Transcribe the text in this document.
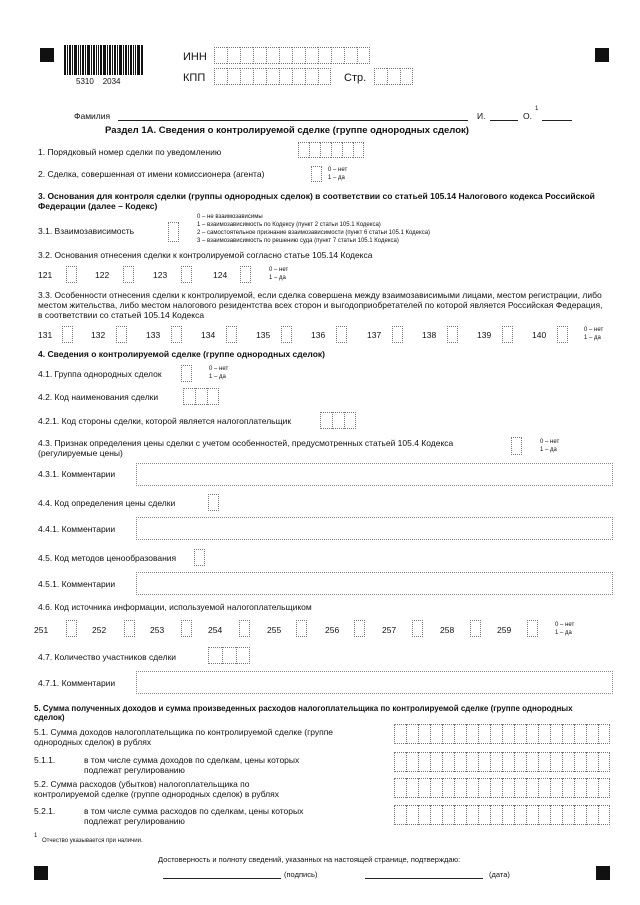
5310    2034
ИНН
КПП	Стр.
Фамилия	И.	О.
1
Раздел 1А. Сведения о контролируемой сделке (группе однородных сделок)
1. Порядковый номер сделки по уведомлению
2. Сделка, совершенная от имени комиссионера (агента)	0 – нет
1 – да
3. Основания для контроля сделки (группы однородных сделок) в соответствии со статьей 105.14 Налогового кодекса Российской Федерации (далее – Кодекс)
3.1. Взаимозависимость
0 – не взаимозависимы
1 – взаимозависимость по Кодексу (пункт 2 статьи 105.1 Кодекса)
2 – самостоятельное признание взаимозависимости (пункт 6 статьи 105.1 Кодекса)
3 – взаимозависимость по решению суда (пункт 7 статьи 105.1 Кодекса)
3.2. Основания отнесения сделки к контролируемой согласно статье 105.14 Кодекса
121	122	123	124	0 – нет
1 – да
3.3. Особенности отнесения сделки к контролируемой, если сделка совершена между взаимозависимыми лицами, местом регистрации, либо местом жительства, либо местом налогового резидентства всех сторон и выгодоприобретателей по которой является Российская Федерация, в соответствии со статьей 105.14 Кодекса
131	132	133	134	135	136	137	138	139	140	0 – нет
1 – да
4. Сведения о контролируемой сделке (группе однородных сделок)
4.1. Группа однородных сделок	0 – нет
1 – да
4.2. Код наименования сделки
4.2.1. Код стороны сделки, которой является налогоплательщик
4.3. Признак определения цены сделки с учетом особенностей, предусмотренных статьей 105.4 Кодекса (регулируемые цены)
0 – нет
1 – да
4.3.1. Комментарии
4.4. Код определения цены сделки
4.4.1. Комментарии
4.5. Код методов ценообразования
4.5.1. Комментарии
4.6. Код источника информации, используемой налогоплательщиком
251	252	253	254	255	256	257	258	259	0 – нет
1 – да
4.7. Количество участников сделки
4.7.1. Комментарии
5. Сумма полученных доходов и сумма произведенных расходов налогоплательщика по контролируемой сделке (группе однородных сделок)
5.1. Сумма доходов налогоплательщика по контролируемой сделке (группе однородных сделок) в рублях
5.1.1.	в том числе сумма доходов по сделкам, цены которых подлежат регулированию
5.2. Сумма расходов (убытков) налогоплательщика по контролируемой сделке (группе однородных сделок) в рублях
5.2.1.	в том числе сумма расходов по сделкам, цены которых подлежат регулированию
1
Отчество указывается при наличии.
Достоверность и полноту сведений, указанных на настоящей странице, подтверждаю:
(подпись)	(дата)
